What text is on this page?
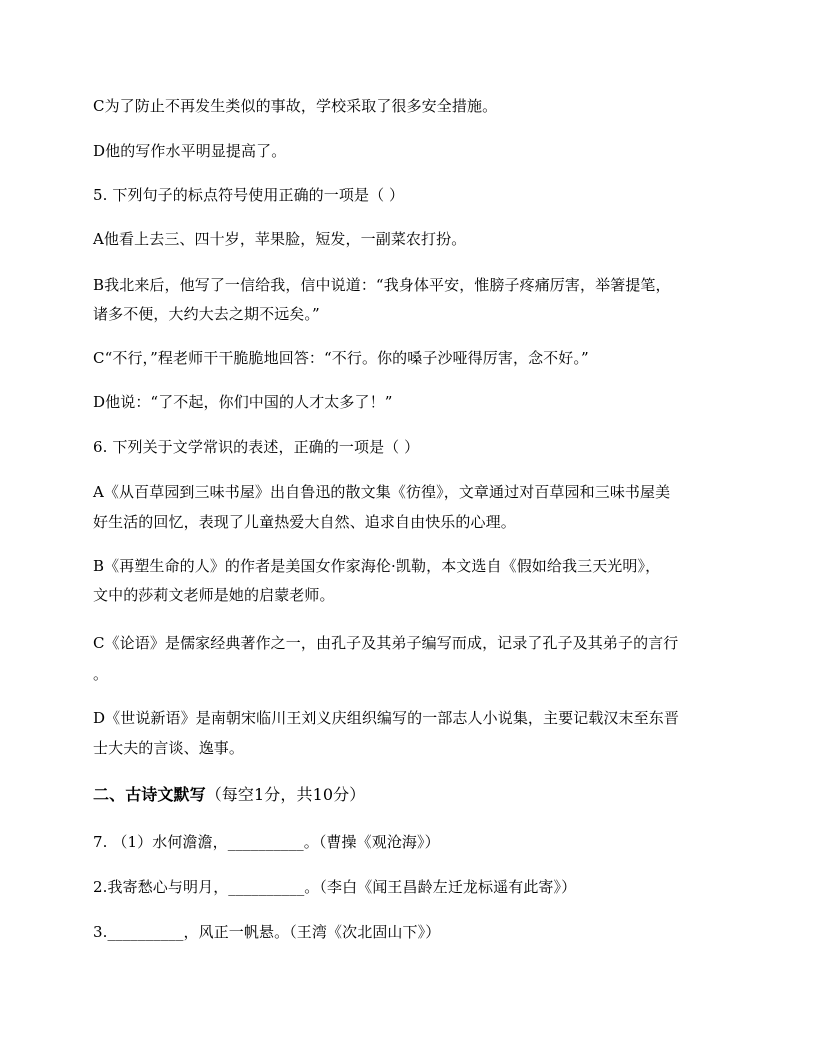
C为了防止不再发生类似的事故，学校采取了很多安全措施。
D他的写作水平明显提高了。
5. 下列句子的标点符号使用正确的一项是（ ）
A他看上去三、四十岁，苹果脸，短发，一副菜农打扮。
B我北来后，他写了一信给我，信中说道：“我身体平安，惟膀子疼痛厉害，举箸提笔，
诸多不便，大约大去之期不远矣。”
C“不行，”程老师干干脆脆地回答：“不行。你的嗓子沙哑得厉害，念不好。”
D他说：“了不起，你们中国的人才太多了！”
6. 下列关于文学常识的表述，正确的一项是（ ）
A《从百草园到三味书屋》出自鲁迅的散文集《彷徨》，文章通过对百草园和三味书屋美
好生活的回忆，表现了儿童热爱大自然、追求自由快乐的心理。
B《再塑生命的人》的作者是美国女作家海伦·凯勒，本文选自《假如给我三天光明》，
文中的莎莉文老师是她的启蒙老师。
C《论语》是儒家经典著作之一，由孔子及其弟子编写而成，记录了孔子及其弟子的言行
。
D《世说新语》是南朝宋临川王刘义庆组织编写的一部志人小说集，主要记载汉末至东晋
士大夫的言谈、逸事。
二、古诗文默写（每空1分，共10分）
7. （1）水何澹澹，__________。（曹操《观沧海》）
2.我寄愁心与明月，__________。（李白《闻王昌龄左迁龙标遥有此寄》）
3.__________，风正一帆悬。（王湾《次北固山下》）
